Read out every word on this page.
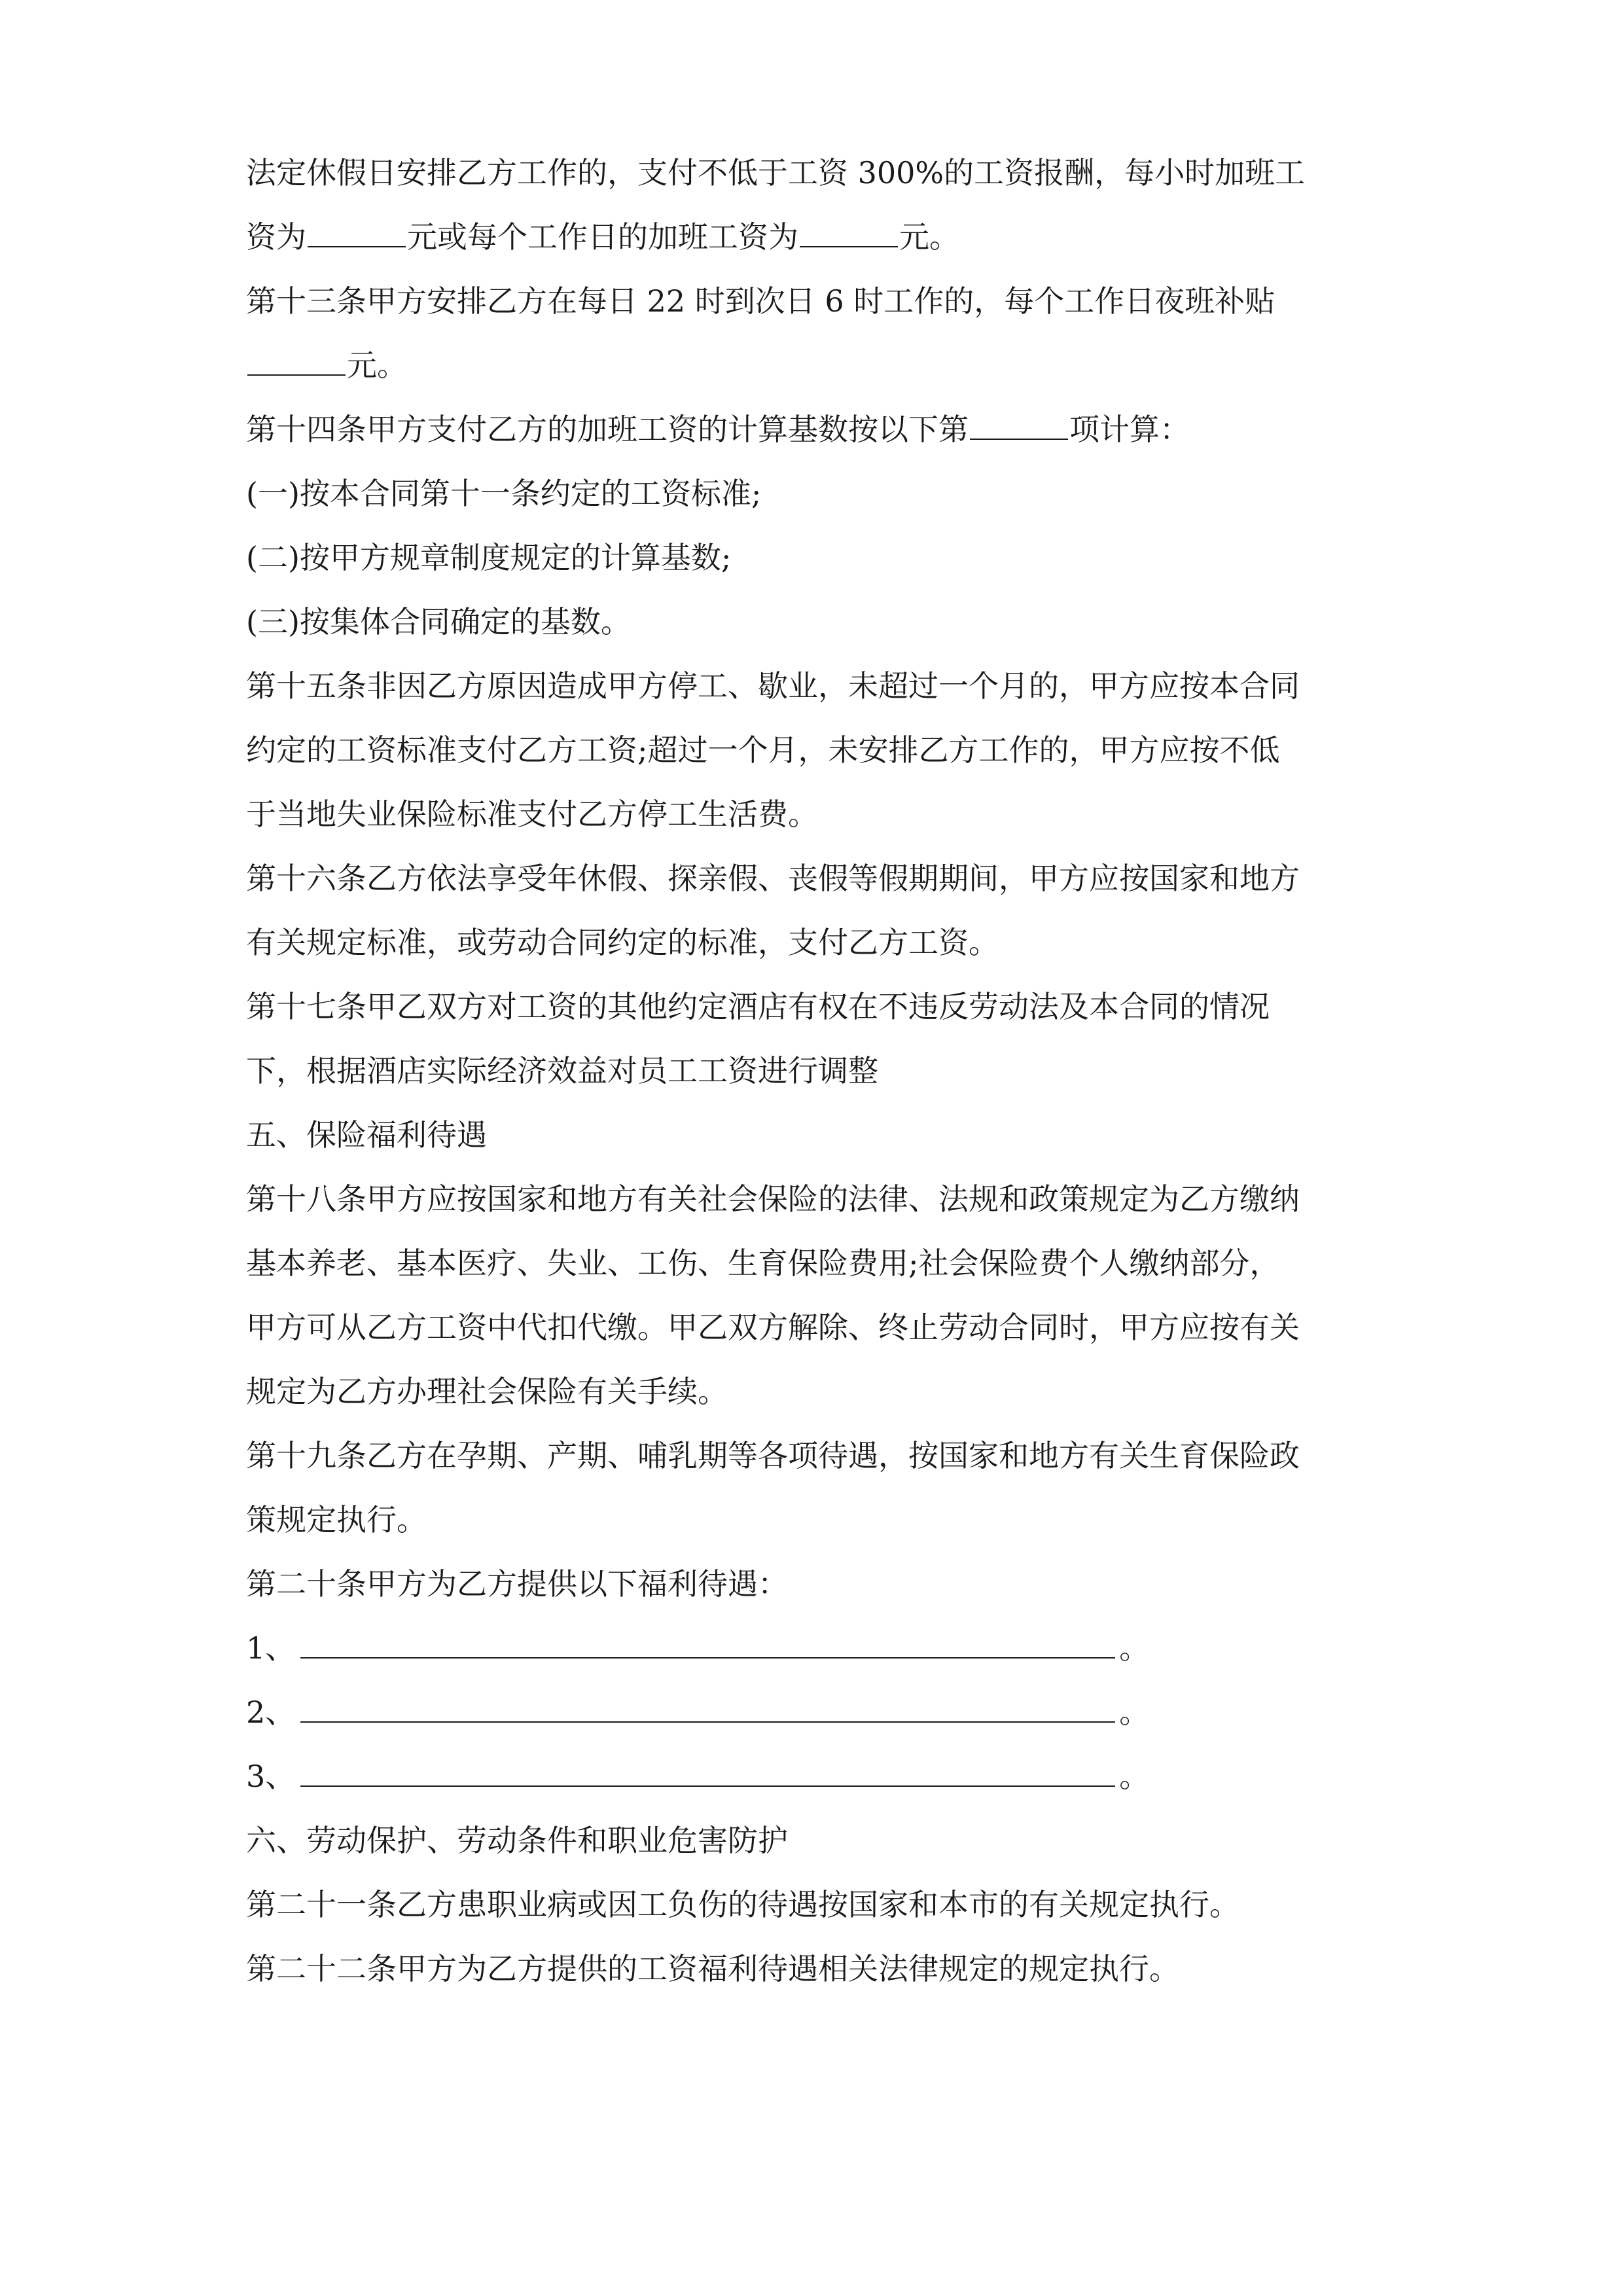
法定休假日安排乙方工作的，支付不低于工资 300%的工资报酬，每小时加班工
资为	元或每个工作日的加班工资为	元。
第十三条甲方安排乙方在每日 22 时到次日 6 时工作的，每个工作日夜班补贴
元。
第十四条甲方支付乙方的加班工资的计算基数按以下第	项计算：
(一)按本合同第十一条约定的工资标准;
(二)按甲方规章制度规定的计算基数;
(三)按集体合同确定的基数。
第十五条非因乙方原因造成甲方停工、歇业，未超过一个月的，甲方应按本合同
约定的工资标准支付乙方工资;超过一个月，未安排乙方工作的，甲方应按不低
于当地失业保险标准支付乙方停工生活费。
第十六条乙方依法享受年休假、探亲假、丧假等假期期间，甲方应按国家和地方
有关规定标准，或劳动合同约定的标准，支付乙方工资。
第十七条甲乙双方对工资的其他约定酒店有权在不违反劳动法及本合同的情况
下，根据酒店实际经济效益对员工工资进行调整
五、保险福利待遇
第十八条甲方应按国家和地方有关社会保险的法律、法规和政策规定为乙方缴纳
基本养老、基本医疗、失业、工伤、生育保险费用;社会保险费个人缴纳部分，
甲方可从乙方工资中代扣代缴。甲乙双方解除、终止劳动合同时，甲方应按有关
规定为乙方办理社会保险有关手续。
第十九条乙方在孕期、产期、哺乳期等各项待遇，按国家和地方有关生育保险政
策规定执行。
第二十条甲方为乙方提供以下福利待遇：
1、	。
2、	。
3、	。
六、劳动保护、劳动条件和职业危害防护
第二十一条乙方患职业病或因工负伤的待遇按国家和本市的有关规定执行。
第二十二条甲方为乙方提供的工资福利待遇相关法律规定的规定执行。
